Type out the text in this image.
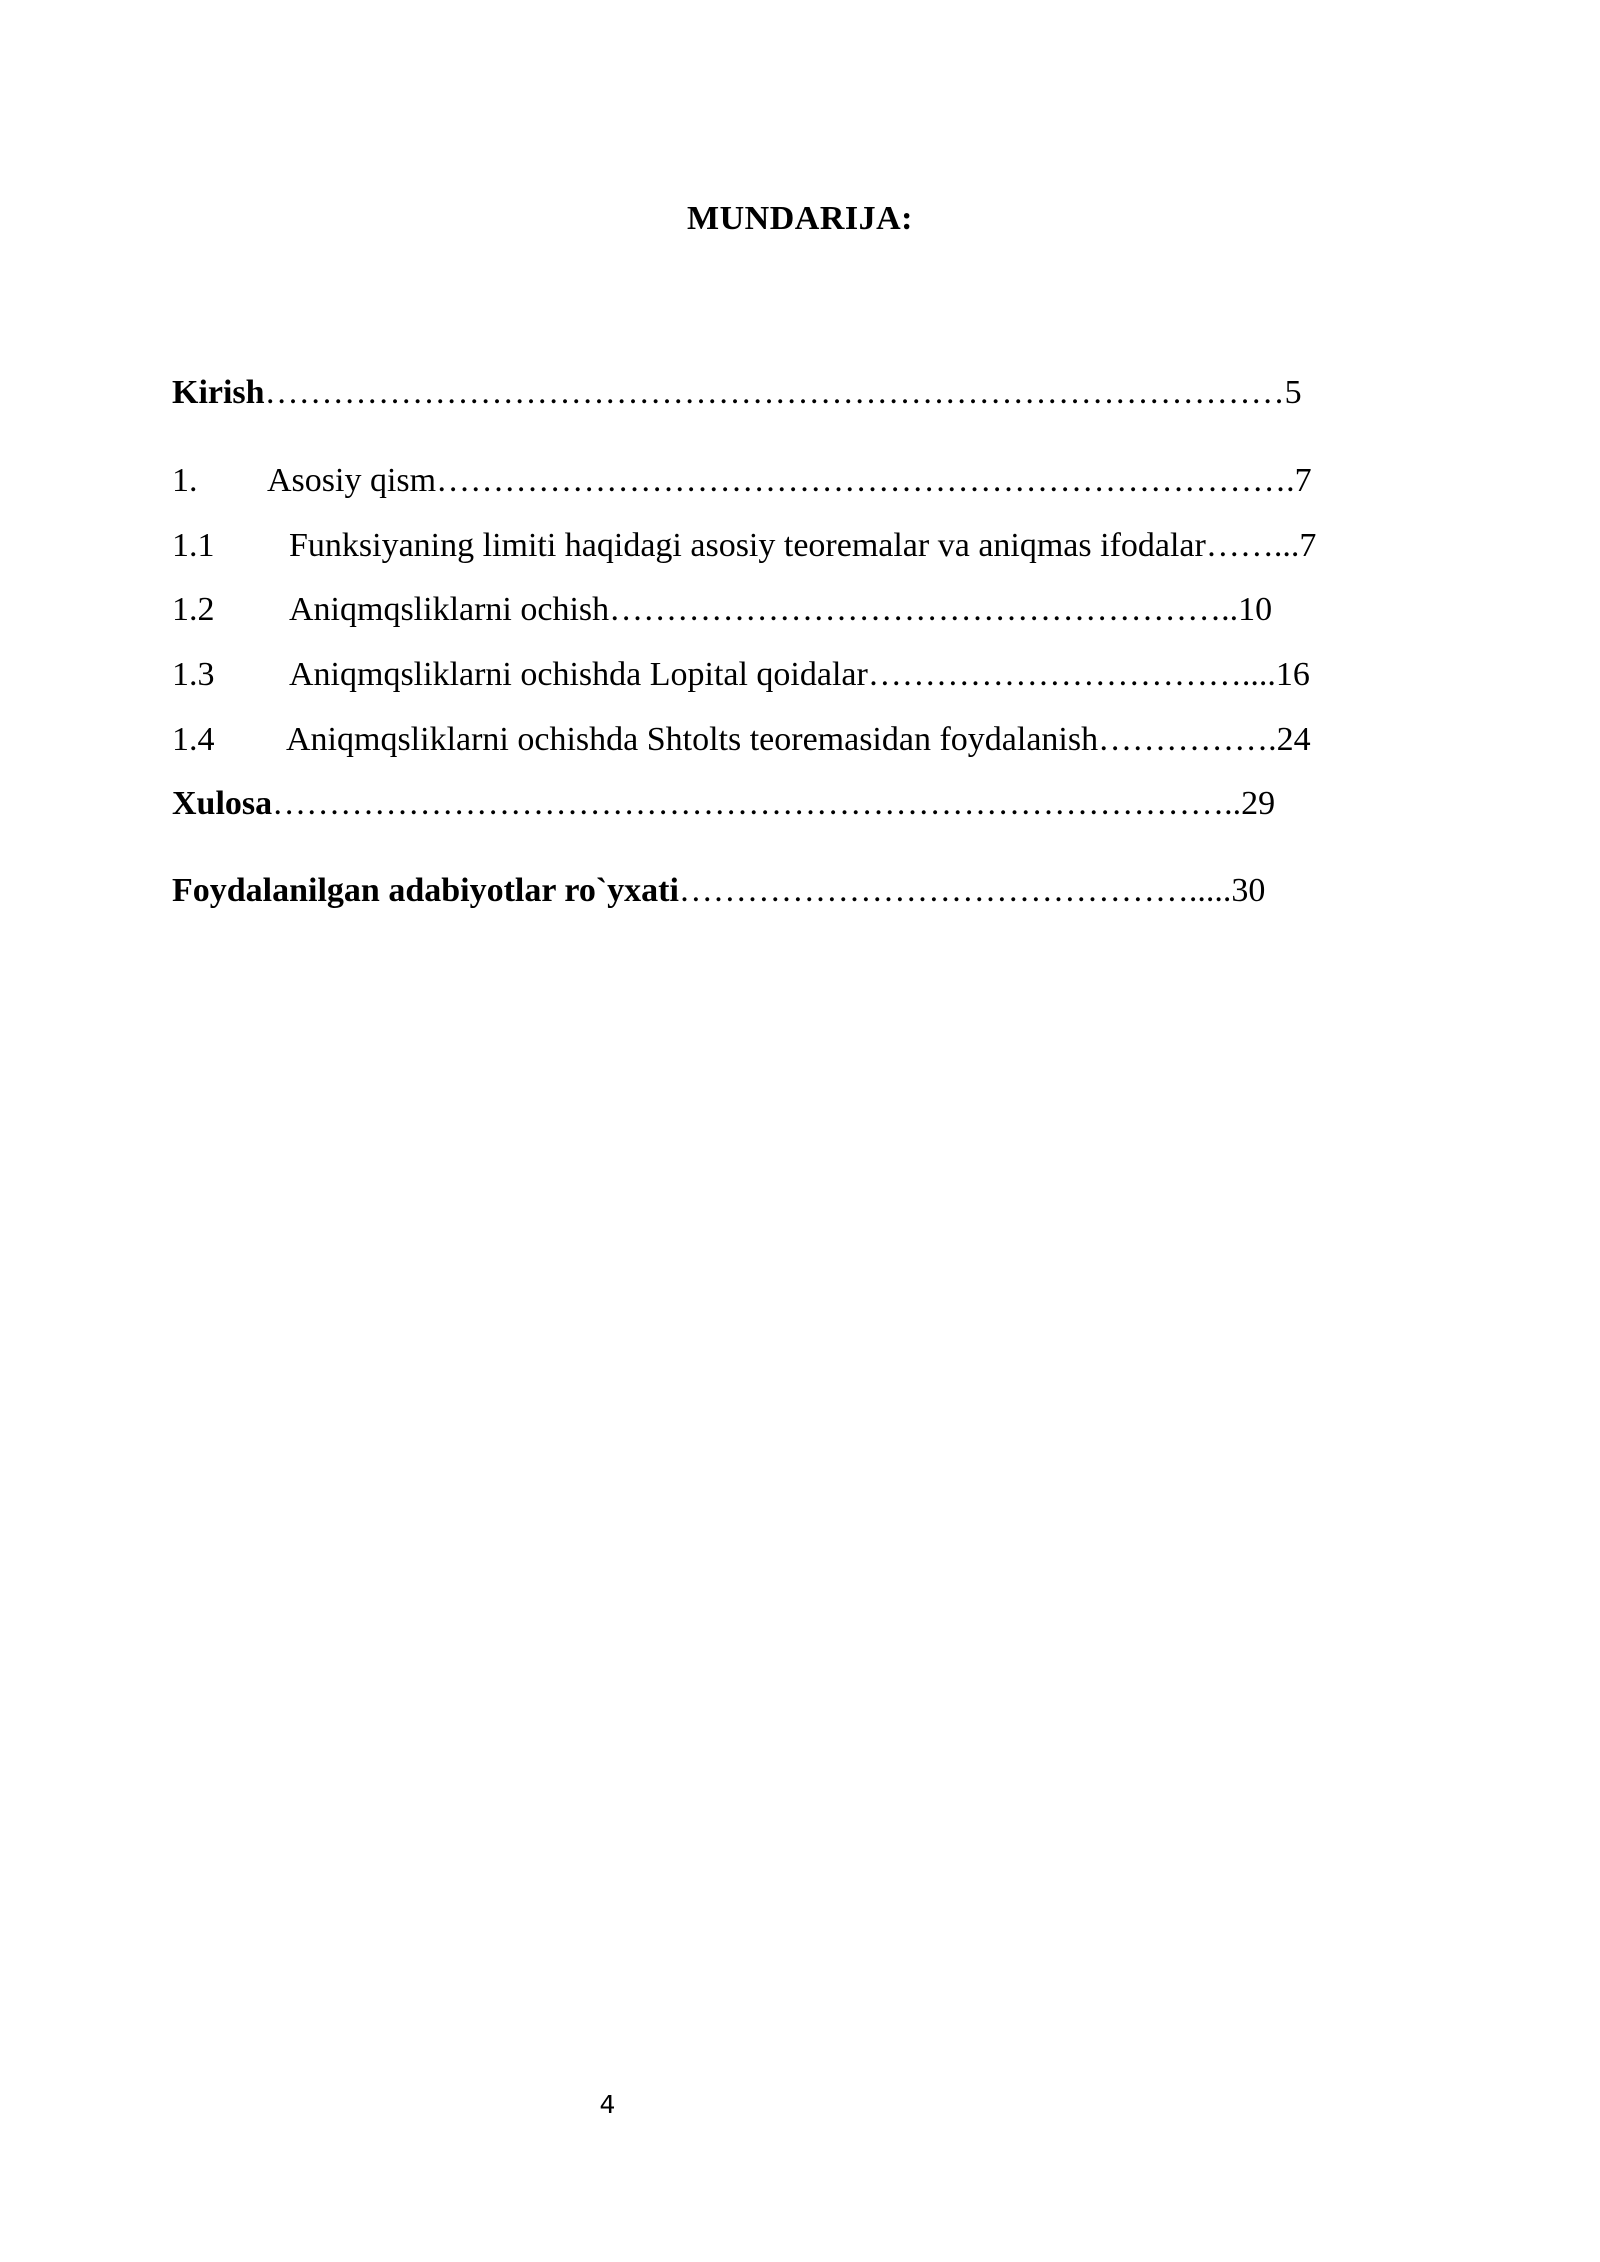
MUNDARIJA:
Kirish………………………………………………………………………………5
1. Asosiy qism………………………………………………………………….7
1.1 Funksiyaning limiti haqidagi asosiy teoremalar va aniqmas ifodalar……...7
1.2 Aniqmqsliklarni ochish………………………………………………..10
1.3 Aniqmqsliklarni ochishda Lopital qoidalar……………………………....16
1.4 Aniqmqsliklarni ochishda Shtolts teoremasidan foydalanish…………….24
Xulosa…………………………………………………………………………..29
Foydalanilgan adabiyotlar ro`yxati……………………………………….....30
4
